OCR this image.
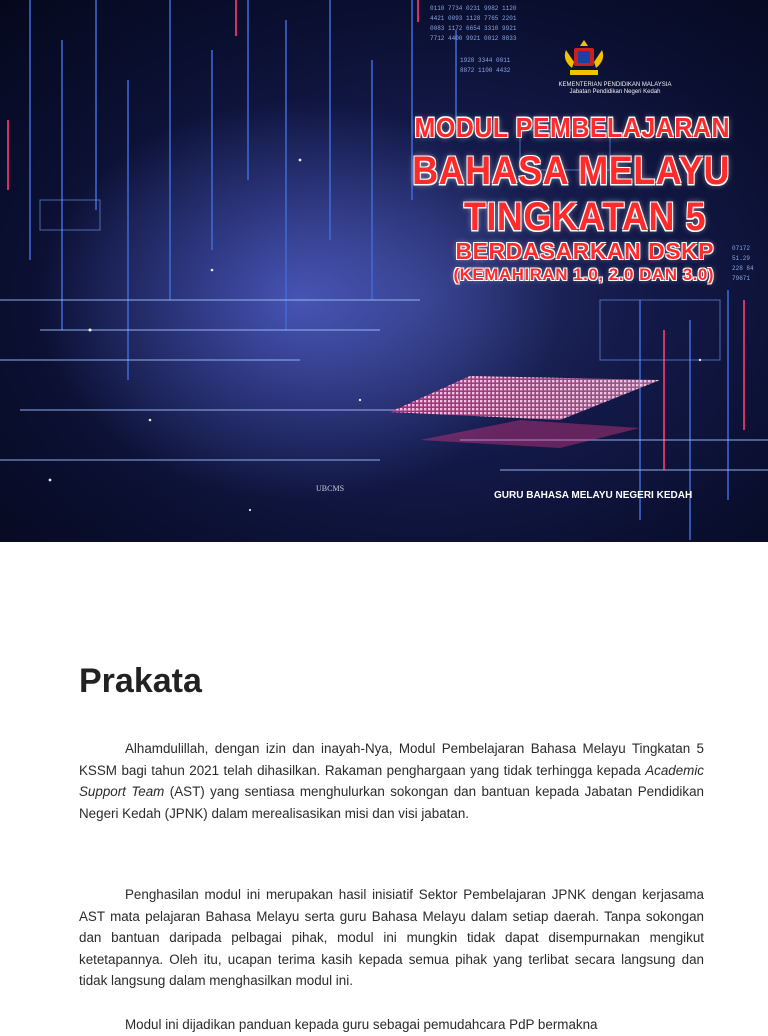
0110 7734 0231 9982 1120
4421 0093 1128 7765 2201
0083 1172 6654 3310 9921
7712 4400 9921 0012 8833
1928 3344 0011
8872 1100 4432
07172
51.29
228 84
79671
KEMENTERIAN PENDIDIKAN MALAYSIA
Jabatan Pendidikan Negeri Kedah
MODUL PEMBELAJARAN
BAHASA MELAYU
TINGKATAN 5
BERDASARKAN DSKP
(KEMAHIRAN 1.0, 2.0 DAN 3.0)
UBCMS
GURU BAHASA MELAYU NEGERI KEDAH
Prakata

Alhamdulillah, dengan izin dan inayah-Nya, Modul Pembelajaran Bahasa Melayu Tingkatan 5 KSSM bagi tahun 2021 telah dihasilkan. Rakaman penghargaan yang tidak terhingga kepada Academic Support Team (AST) yang sentiasa menghulurkan sokongan dan bantuan kepada Jabatan Pendidikan Negeri Kedah (JPNK) dalam merealisasikan misi dan visi jabatan.

Penghasilan modul ini merupakan hasil inisiatif Sektor Pembelajaran JPNK dengan kerjasama AST mata pelajaran Bahasa Melayu serta guru Bahasa Melayu dalam setiap daerah. Tanpa sokongan dan bantuan daripada pelbagai pihak, modul ini mungkin tidak dapat disempurnakan mengikut ketetapannya. Oleh itu, ucapan terima kasih kepada semua pihak yang terlibat secara langsung dan tidak langsung dalam menghasilkan modul ini.

Modul ini dijadikan panduan kepada guru sebagai pemudahcara PdP bermakna
